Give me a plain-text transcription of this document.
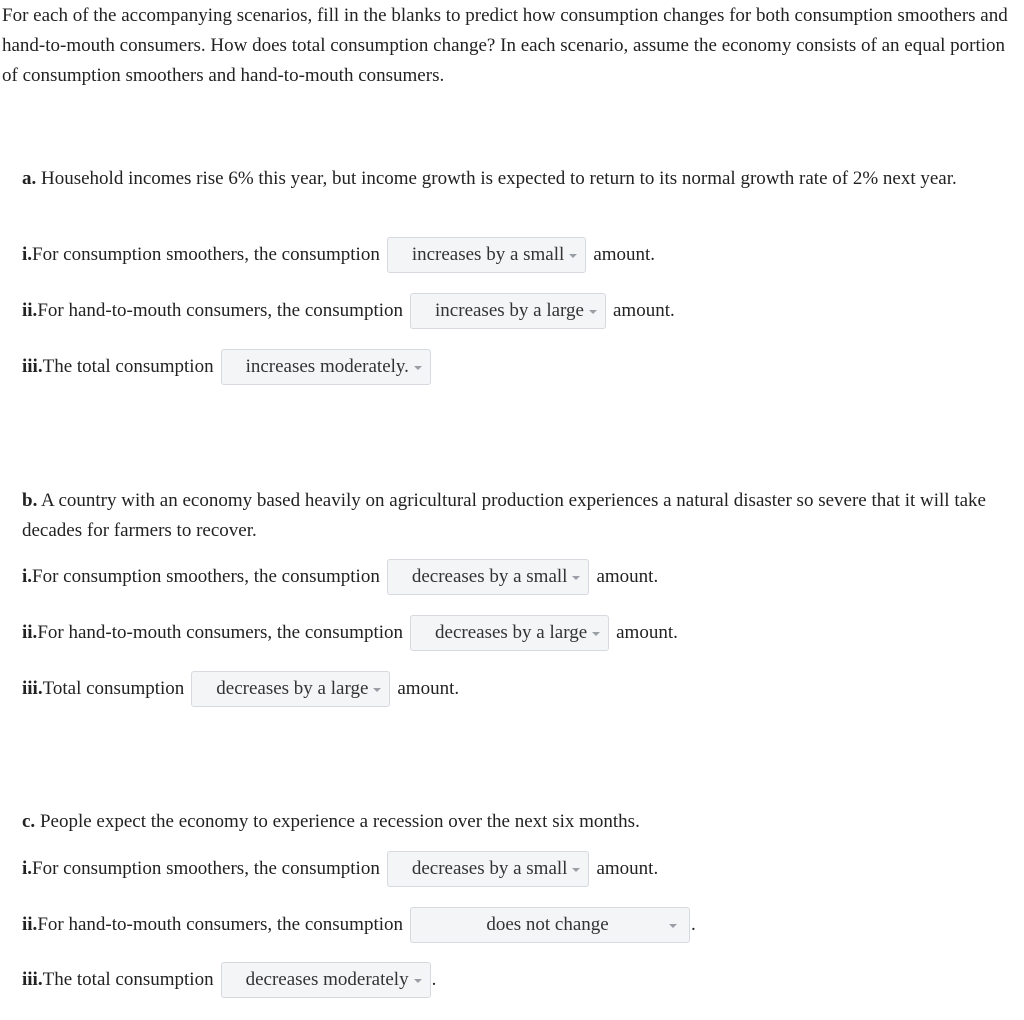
For each of the accompanying scenarios, fill in the blanks to predict how consumption changes for both consumption smoothers and hand-to-mouth consumers. How does total consumption change? In each scenario, assume the economy consists of an equal portion of consumption smoothers and hand-to-mouth consumers.

a. Household incomes rise 6% this year, but income growth is expected to return to its normal growth rate of 2% next year.

i. For consumption smoothers, the consumption increases by a small amount.
ii. For hand-to-mouth consumers, the consumption increases by a large amount.
iii. The total consumption increases moderately.

b. A country with an economy based heavily on agricultural production experiences a natural disaster so severe that it will take decades for farmers to recover.

i. For consumption smoothers, the consumption decreases by a small amount.
ii. For hand-to-mouth consumers, the consumption decreases by a large amount.
iii. Total consumption decreases by a large amount.

c. People expect the economy to experience a recession over the next six months.

i. For consumption smoothers, the consumption decreases by a small amount.
ii. For hand-to-mouth consumers, the consumption	does not change	.
iii. The total consumption decreases moderately .
